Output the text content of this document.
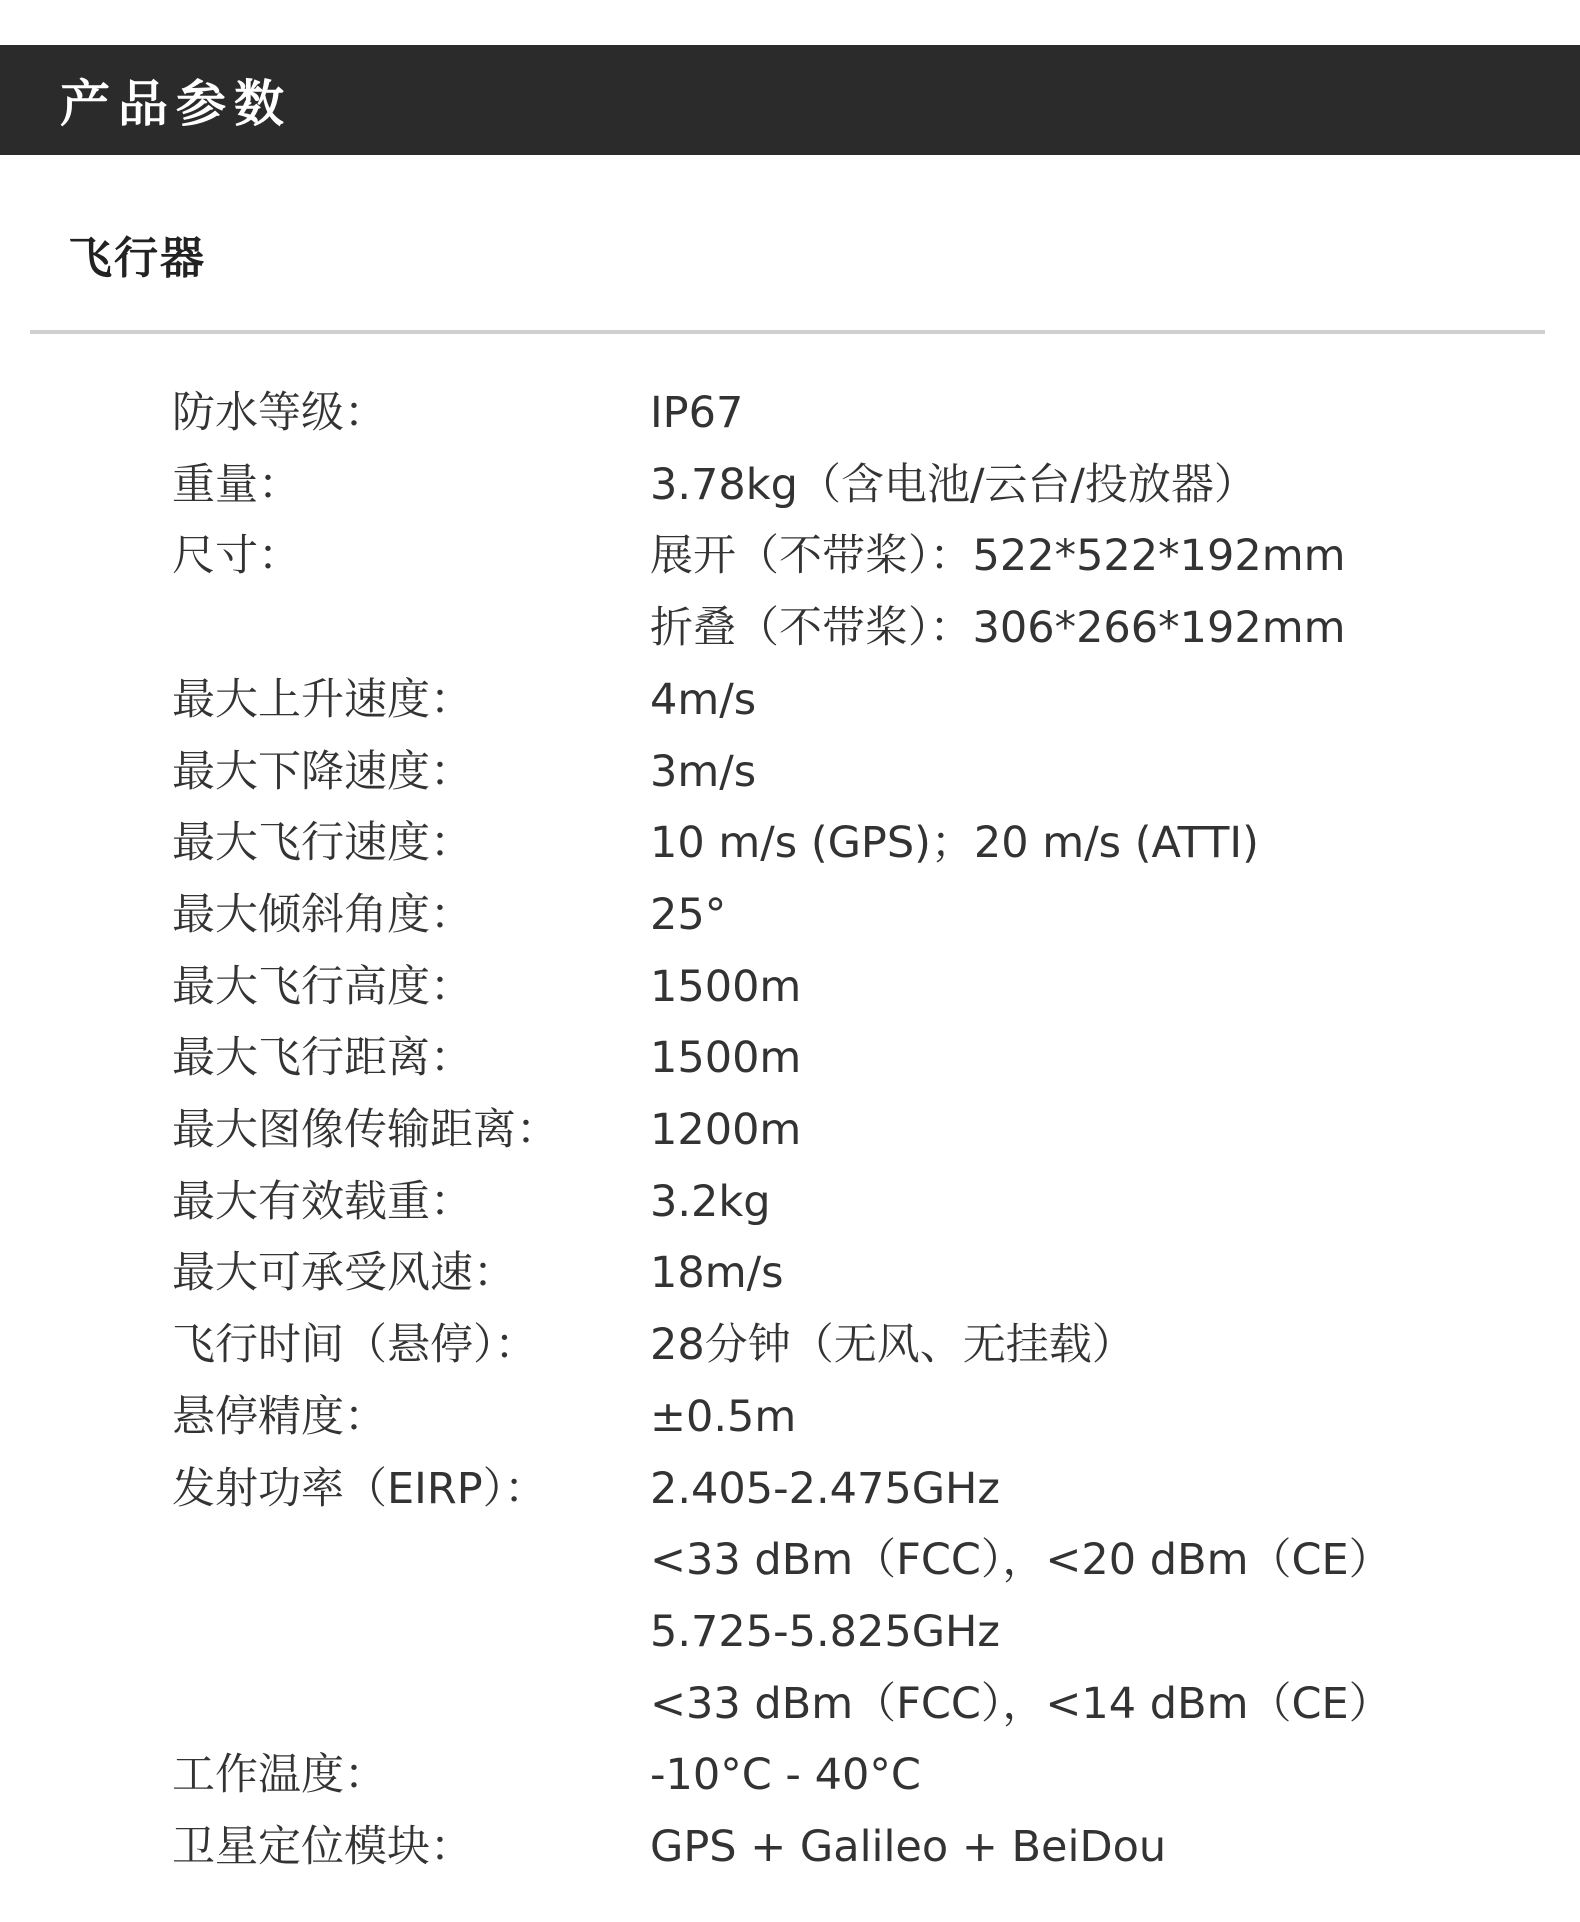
产品参数
飞行器
防水等级：	IP67
重量：	3.78kg（含电池/云台/投放器）
尺寸：	展开（不带桨）：522*522*192mm
折叠（不带桨）：306*266*192mm
最大上升速度：	4m/s
最大下降速度：	3m/s
最大飞行速度：	10 m/s (GPS)；20 m/s (ATTI)
最大倾斜角度：	25°
最大飞行高度：	1500m
最大飞行距离：	1500m
最大图像传输距离：	1200m
最大有效载重：	3.2kg
最大可承受风速：	18m/s
飞行时间（悬停）：	28分钟（无风、无挂载）
悬停精度：	±0.5m
发射功率（EIRP）：	2.405-2.475GHz
<33 dBm（FCC），<20 dBm（CE）
5.725-5.825GHz
<33 dBm（FCC），<14 dBm（CE）
工作温度：	-10°C - 40°C
卫星定位模块：	GPS + Galileo + BeiDou
